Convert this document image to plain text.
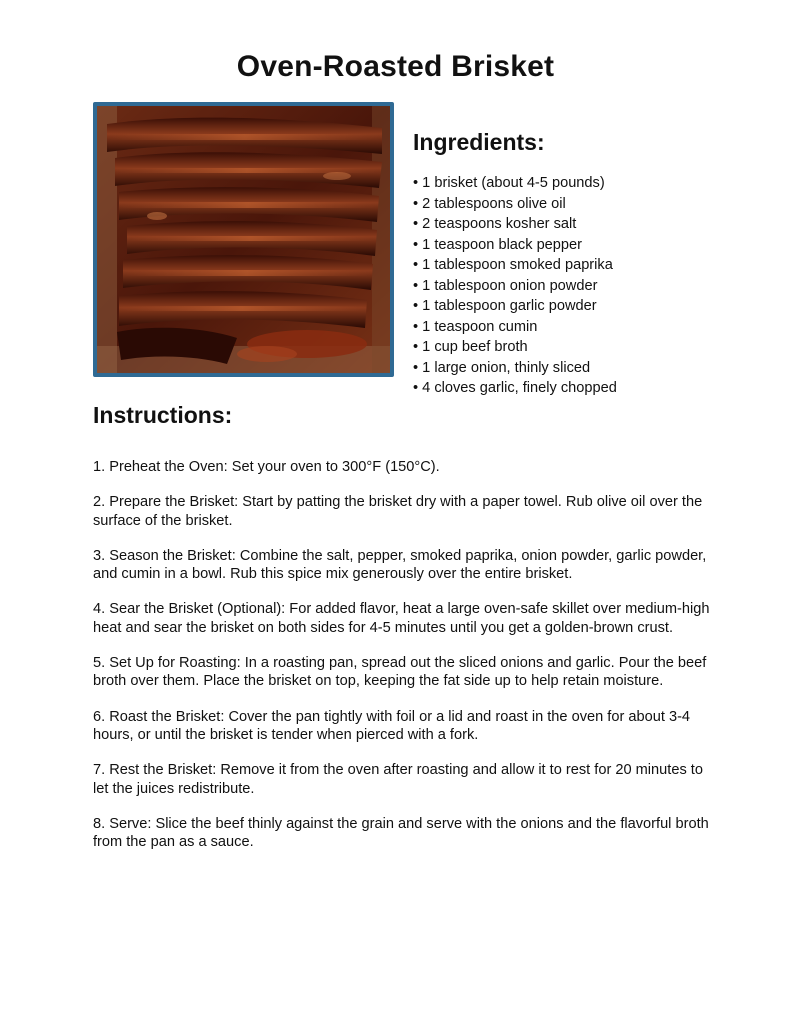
Oven-Roasted Brisket
Ingredients:
• 1 brisket (about 4-5 pounds)
• 2 tablespoons olive oil
• 2 teaspoons kosher salt
• 1 teaspoon black pepper
• 1 tablespoon smoked paprika
• 1 tablespoon onion powder
• 1 tablespoon garlic powder
• 1 teaspoon cumin
• 1 cup beef broth
• 1 large onion, thinly sliced
• 4 cloves garlic, finely chopped
Instructions:
1. Preheat the Oven: Set your oven to 300°F (150°C).
2. Prepare the Brisket: Start by patting the brisket dry with a paper towel. Rub olive oil over the surface of the brisket.
3. Season the Brisket: Combine the salt, pepper, smoked paprika, onion powder, garlic powder, and cumin in a bowl. Rub this spice mix generously over the entire brisket.
4. Sear the Brisket (Optional): For added flavor, heat a large oven-safe skillet over medium-high heat and sear the brisket on both sides for 4-5 minutes until you get a golden-brown crust.
5. Set Up for Roasting: In a roasting pan, spread out the sliced onions and garlic. Pour the beef broth over them. Place the brisket on top, keeping the fat side up to help retain moisture.
6. Roast the Brisket: Cover the pan tightly with foil or a lid and roast in the oven for about 3-4 hours, or until the brisket is tender when pierced with a fork.
7. Rest the Brisket: Remove it from the oven after roasting and allow it to rest for 20 minutes to let the juices redistribute.
8. Serve: Slice the beef thinly against the grain and serve with the onions and the flavorful broth from the pan as a sauce.
